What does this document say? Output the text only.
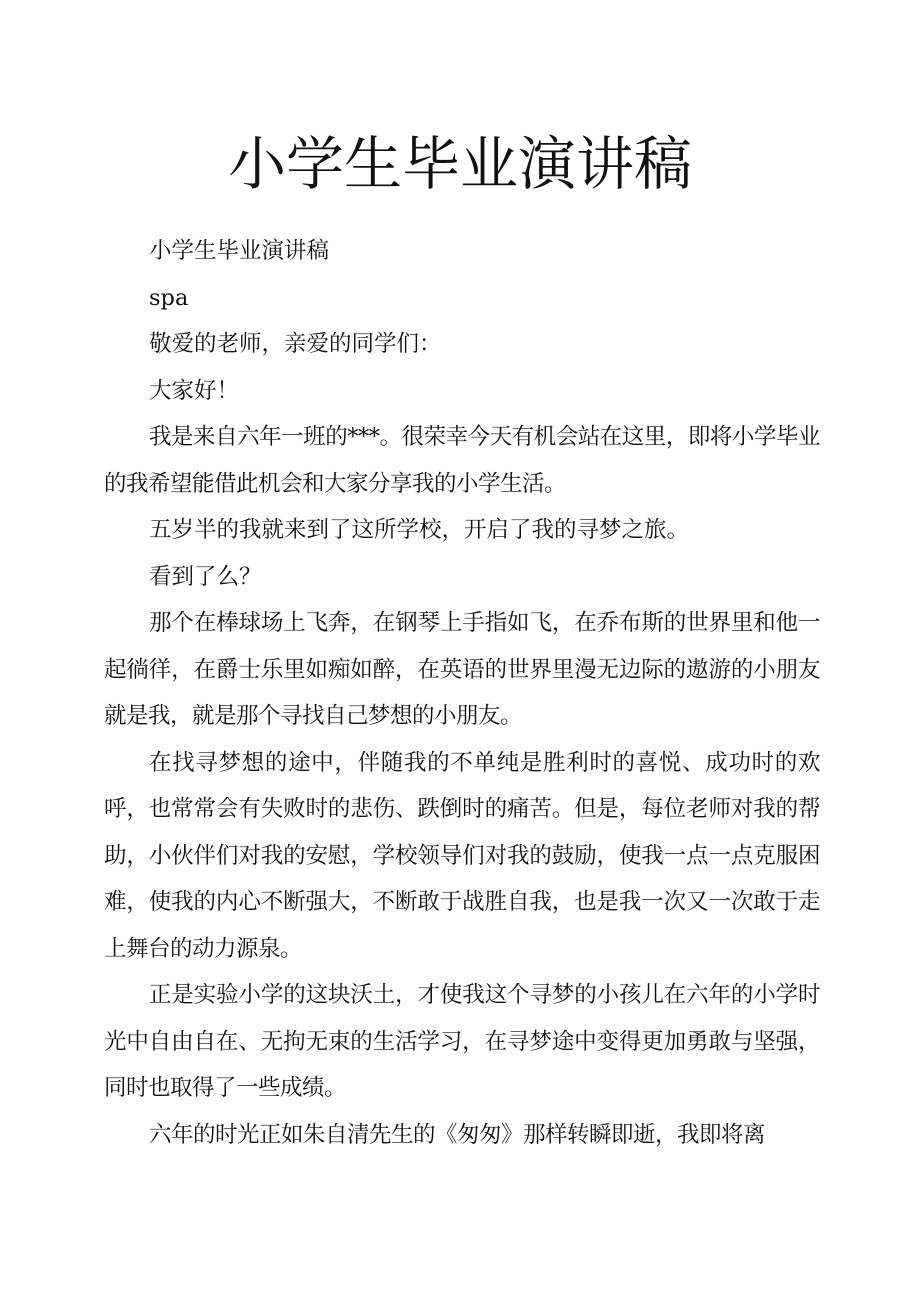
小学生毕业演讲稿

小学生毕业演讲稿

spa

敬爱的老师，亲爱的同学们：

大家好！

我是来自六年一班的***。很荣幸今天有机会站在这里，即将小学毕业的我希望能借此机会和大家分享我的小学生活。

五岁半的我就来到了这所学校，开启了我的寻梦之旅。

看到了么？

那个在棒球场上飞奔，在钢琴上手指如飞，在乔布斯的世界里和他一起徜徉，在爵士乐里如痴如醉，在英语的世界里漫无边际的遨游的小朋友就是我，就是那个寻找自己梦想的小朋友。

在找寻梦想的途中，伴随我的不单纯是胜利时的喜悦、成功时的欢呼，也常常会有失败时的悲伤、跌倒时的痛苦。但是，每位老师对我的帮助，小伙伴们对我的安慰，学校领导们对我的鼓励，使我一点一点克服困难，使我的内心不断强大，不断敢于战胜自我，也是我一次又一次敢于走上舞台的动力源泉。

正是实验小学的这块沃土，才使我这个寻梦的小孩儿在六年的小学时光中自由自在、无拘无束的生活学习，在寻梦途中变得更加勇敢与坚强，同时也取得了一些成绩。

六年的时光正如朱自清先生的《匆匆》那样转瞬即逝，我即将离
